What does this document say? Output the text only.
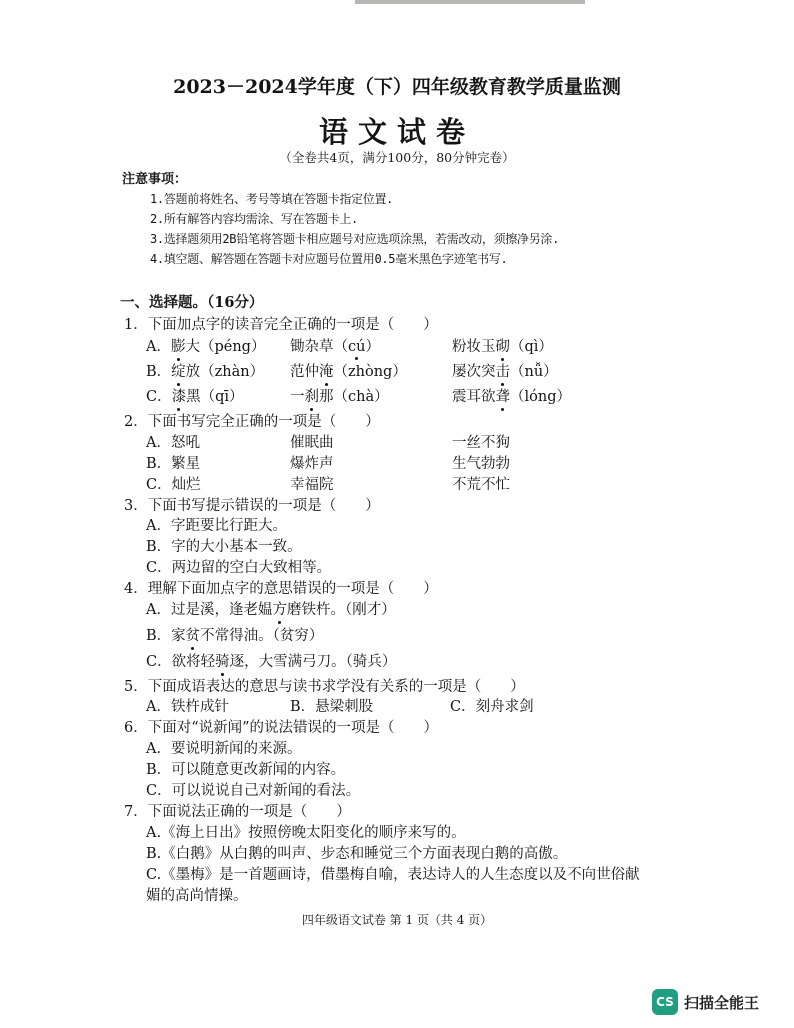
2023－2024学年度（下）四年级教育教学质量监测
语文试卷
（全卷共4页，满分100分，80分钟完卷）
注意事项：
1.答题前将姓名、考号等填在答题卡指定位置.
2.所有解答内容均需涂、写在答题卡上.
3.选择题须用2B铅笔将答题卡相应题号对应选项涂黑，若需改动，须擦净另涂.
4.填空题、解答题在答题卡对应题号位置用0.5毫米黑色字迹笔书写.
一、选择题。（16分）
1．下面加点字的读音完全正确的一项是（　　）
A．膨大（péng） 锄杂草（cú）	粉妆玉砌（qì）
B．绽放（zhàn） 范仲淹（zhòng）	屡次突击（nǚ）
C．漆黑（qī）	一刹那（chà）	震耳欲聋（lóng）
2．下面书写完全正确的一项是（　　）
A．怒吼	催眠曲	一丝不狗
B．繁星	爆炸声	生气勃勃
C．灿烂	幸福院	不荒不忙
3．下面书写提示错误的一项是（　　）
A．字距要比行距大。
B．字的大小基本一致。
C．两边留的空白大致相等。
4．理解下面加点字的意思错误的一项是（　　）
A．过是溪，逢老媪方磨铁杵。（刚才）
B．家贫不常得油。（贫穷）
C．欲将轻骑逐，大雪满弓刀。（骑兵）
5．下面成语表达的意思与读书求学没有关系的一项是（　　）
A．铁杵成针	B．悬梁刺股	C．刻舟求剑
6．下面对“说新闻”的说法错误的一项是（　　）
A．要说明新闻的来源。
B．可以随意更改新闻的内容。
C．可以说说自己对新闻的看法。
7．下面说法正确的一项是（　　）
A.《海上日出》按照傍晚太阳变化的顺序来写的。
B.《白鹅》从白鹅的叫声、步态和睡觉三个方面表现白鹅的高傲。
C.《墨梅》是一首题画诗，借墨梅自喻，表达诗人的人生态度以及不向世俗献
媚的高尚情操。
四年级语文试卷 第 1 页（共 4 页）
CS 扫描全能王
